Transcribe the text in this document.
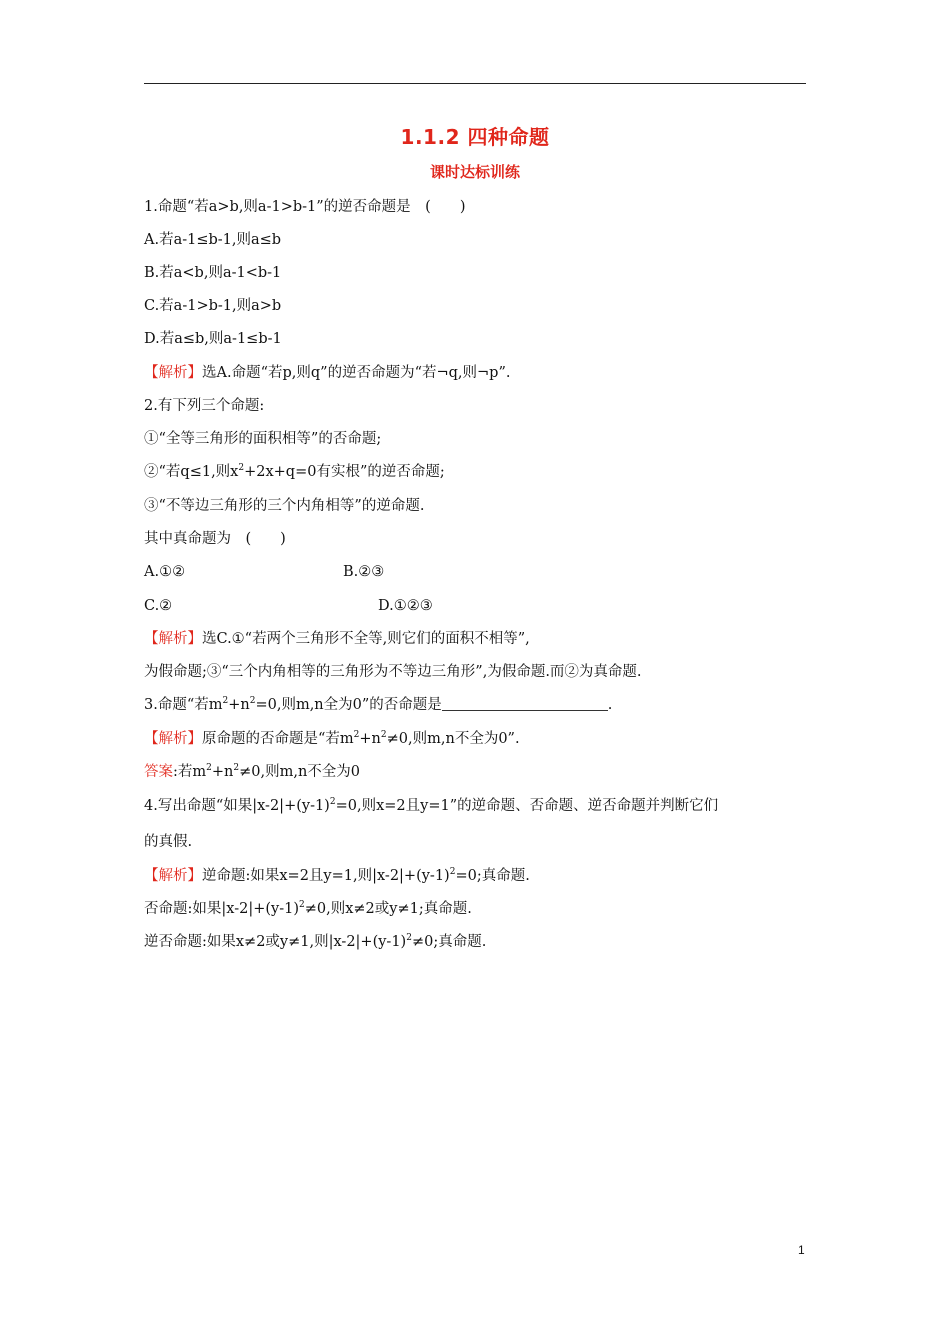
1.1.2 四种命题
课时达标训练
1.命题“若a>b,则a-1>b-1”的逆否命题是　(　　)
A.若a-1≤b-1,则a≤b
B.若a<b,则a-1<b-1
C.若a-1>b-1,则a>b
D.若a≤b,则a-1≤b-1
【解析】选A.命题“若p,则q”的逆否命题为“若¬q,则¬p”.
2.有下列三个命题:
①“全等三角形的面积相等”的否命题;
②“若q≤1,则$x^2+2x+q=0$有实根”的逆否命题;
③“不等边三角形的三个内角相等”的逆命题.
其中真命题为　(　　)
A.①②	B.②③
C.②	D.①②③
【解析】选C.①“若两个三角形不全等,则它们的面积不相等”,
为假命题;③“三个内角相等的三角形为不等边三角形”,为假命题.而②为真命题.
3.命题“若$m^2+n^2=0$,则m,n全为0”的否命题是	.
【解析】原命题的否命题是“若$m^2+n^2\ne 0$,则m,n不全为0”.
答案:若$m^2+n^2\ne 0$,则m,n不全为0
4.写出命题“如果$|x-2|+(y-1)^2=0$,则x=2且y=1”的逆命题、否命题、逆否命题并判断它们
的真假.
【解析】逆命题:如果x=2且y=1,则$|x-2|+(y-1)^2=0$;真命题.
否命题:如果$|x-2|+(y-1)^2\ne 0$,则x≠2或y≠1;真命题.
逆否命题:如果x≠2或y≠1,则$|x-2|+(y-1)^2\ne 0$;真命题.
1
